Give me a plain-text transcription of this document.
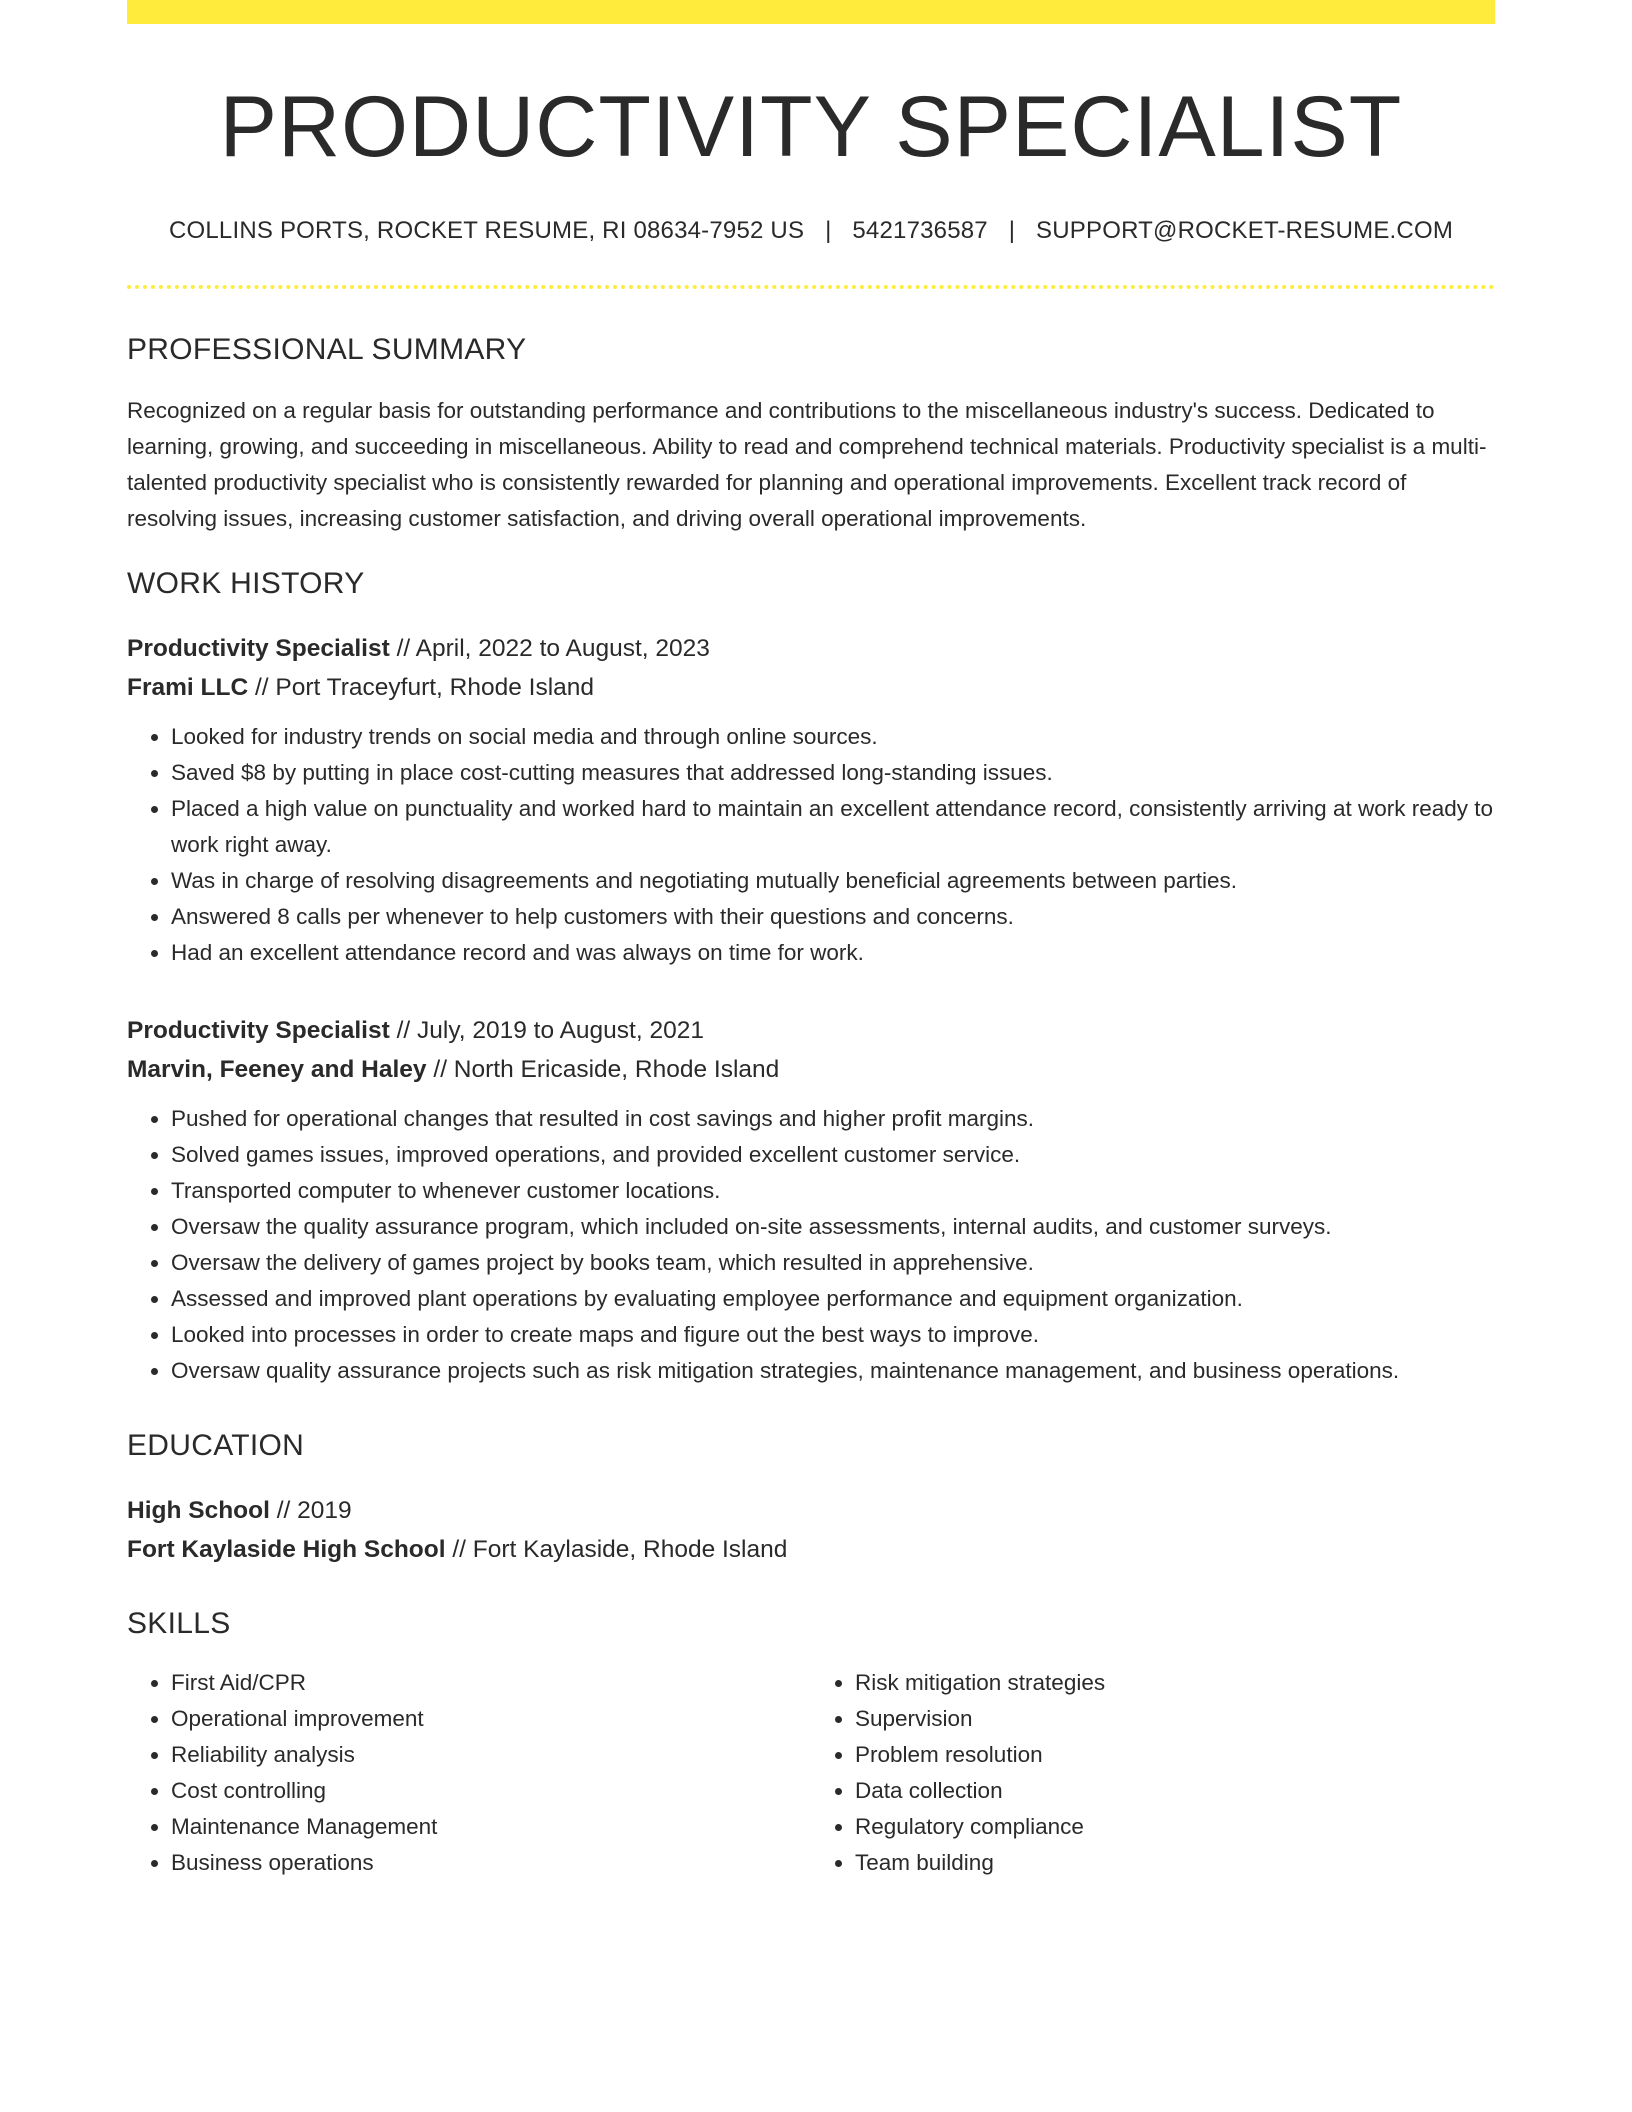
PRODUCTIVITY SPECIALIST
COLLINS PORTS, ROCKET RESUME, RI 08634-7952 US | 5421736587 | SUPPORT@ROCKET-RESUME.COM
PROFESSIONAL SUMMARY

Recognized on a regular basis for outstanding performance and contributions to the miscellaneous industry's success. Dedicated to learning, growing, and succeeding in miscellaneous. Ability to read and comprehend technical materials. Productivity specialist is a multi-talented productivity specialist who is consistently rewarded for planning and operational improvements. Excellent track record of resolving issues, increasing customer satisfaction, and driving overall operational improvements.

WORK HISTORY
Productivity Specialist // April, 2022 to August, 2023
Frami LLC // Port Traceyfurt, Rhode Island
• Looked for industry trends on social media and through online sources.
• Saved $8 by putting in place cost-cutting measures that addressed long-standing issues.
• Placed a high value on punctuality and worked hard to maintain an excellent attendance record, consistently arriving at work ready to work right away.
• Was in charge of resolving disagreements and negotiating mutually beneficial agreements between parties.
• Answered 8 calls per whenever to help customers with their questions and concerns.
• Had an excellent attendance record and was always on time for work.
Productivity Specialist // July, 2019 to August, 2021
Marvin, Feeney and Haley // North Ericaside, Rhode Island
• Pushed for operational changes that resulted in cost savings and higher profit margins.
• Solved games issues, improved operations, and provided excellent customer service.
• Transported computer to whenever customer locations.
• Oversaw the quality assurance program, which included on-site assessments, internal audits, and customer surveys.
• Oversaw the delivery of games project by books team, which resulted in apprehensive.
• Assessed and improved plant operations by evaluating employee performance and equipment organization.
• Looked into processes in order to create maps and figure out the best ways to improve.
• Oversaw quality assurance projects such as risk mitigation strategies, maintenance management, and business operations.
EDUCATION
High School // 2019
Fort Kaylaside High School // Fort Kaylaside, Rhode Island
SKILLS
• First Aid/CPR
• Operational improvement
• Reliability analysis
• Cost controlling
• Maintenance Management
• Business operations
• Risk mitigation strategies
• Supervision
• Problem resolution
• Data collection
• Regulatory compliance
• Team building
